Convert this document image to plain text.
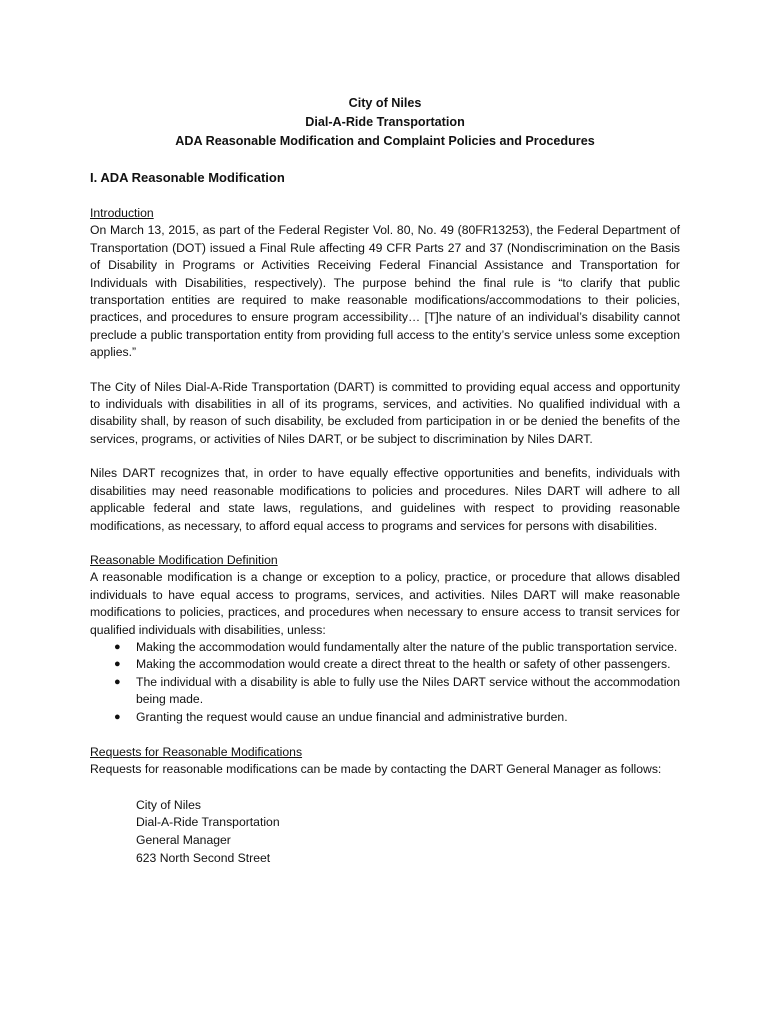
City of Niles
Dial-A-Ride Transportation
ADA Reasonable Modification and Complaint Policies and Procedures
I. ADA Reasonable Modification
Introduction

On March 13, 2015, as part of the Federal Register Vol. 80, No. 49 (80FR13253), the Federal Department of Transportation (DOT) issued a Final Rule affecting 49 CFR Parts 27 and 37 (Nondiscrimination on the Basis of Disability in Programs or Activities Receiving Federal Financial Assistance and Transportation for Individuals with Disabilities, respectively). The purpose behind the final rule is “to clarify that public transportation entities are required to make reasonable modifications/accommodations to their policies, practices, and procedures to ensure program accessibility… [T]he nature of an individual’s disability cannot preclude a public transportation entity from providing full access to the entity’s service unless some exception applies.”

The City of Niles Dial-A-Ride Transportation (DART) is committed to providing equal access and opportunity to individuals with disabilities in all of its programs, services, and activities. No qualified individual with a disability shall, by reason of such disability, be excluded from participation in or be denied the benefits of the services, programs, or activities of Niles DART, or be subject to discrimination by Niles DART.

Niles DART recognizes that, in order to have equally effective opportunities and benefits, individuals with disabilities may need reasonable modifications to policies and procedures. Niles DART will adhere to all applicable federal and state laws, regulations, and guidelines with respect to providing reasonable modifications, as necessary, to afford equal access to programs and services for persons with disabilities.

Reasonable Modification Definition

A reasonable modification is a change or exception to a policy, practice, or procedure that allows disabled individuals to have equal access to programs, services, and activities. Niles DART will make reasonable modifications to policies, practices, and procedures when necessary to ensure access to transit services for qualified individuals with disabilities, unless:

● Making the accommodation would fundamentally alter the nature of the public transportation service.
● Making the accommodation would create a direct threat to the health or safety of other passengers.
● The individual with a disability is able to fully use the Niles DART service without the accommodation being made.
● Granting the request would cause an undue financial and administrative burden.
Requests for Reasonable Modifications

Requests for reasonable modifications can be made by contacting the DART General Manager as follows:

City of Niles
Dial-A-Ride Transportation
General Manager
623 North Second Street
